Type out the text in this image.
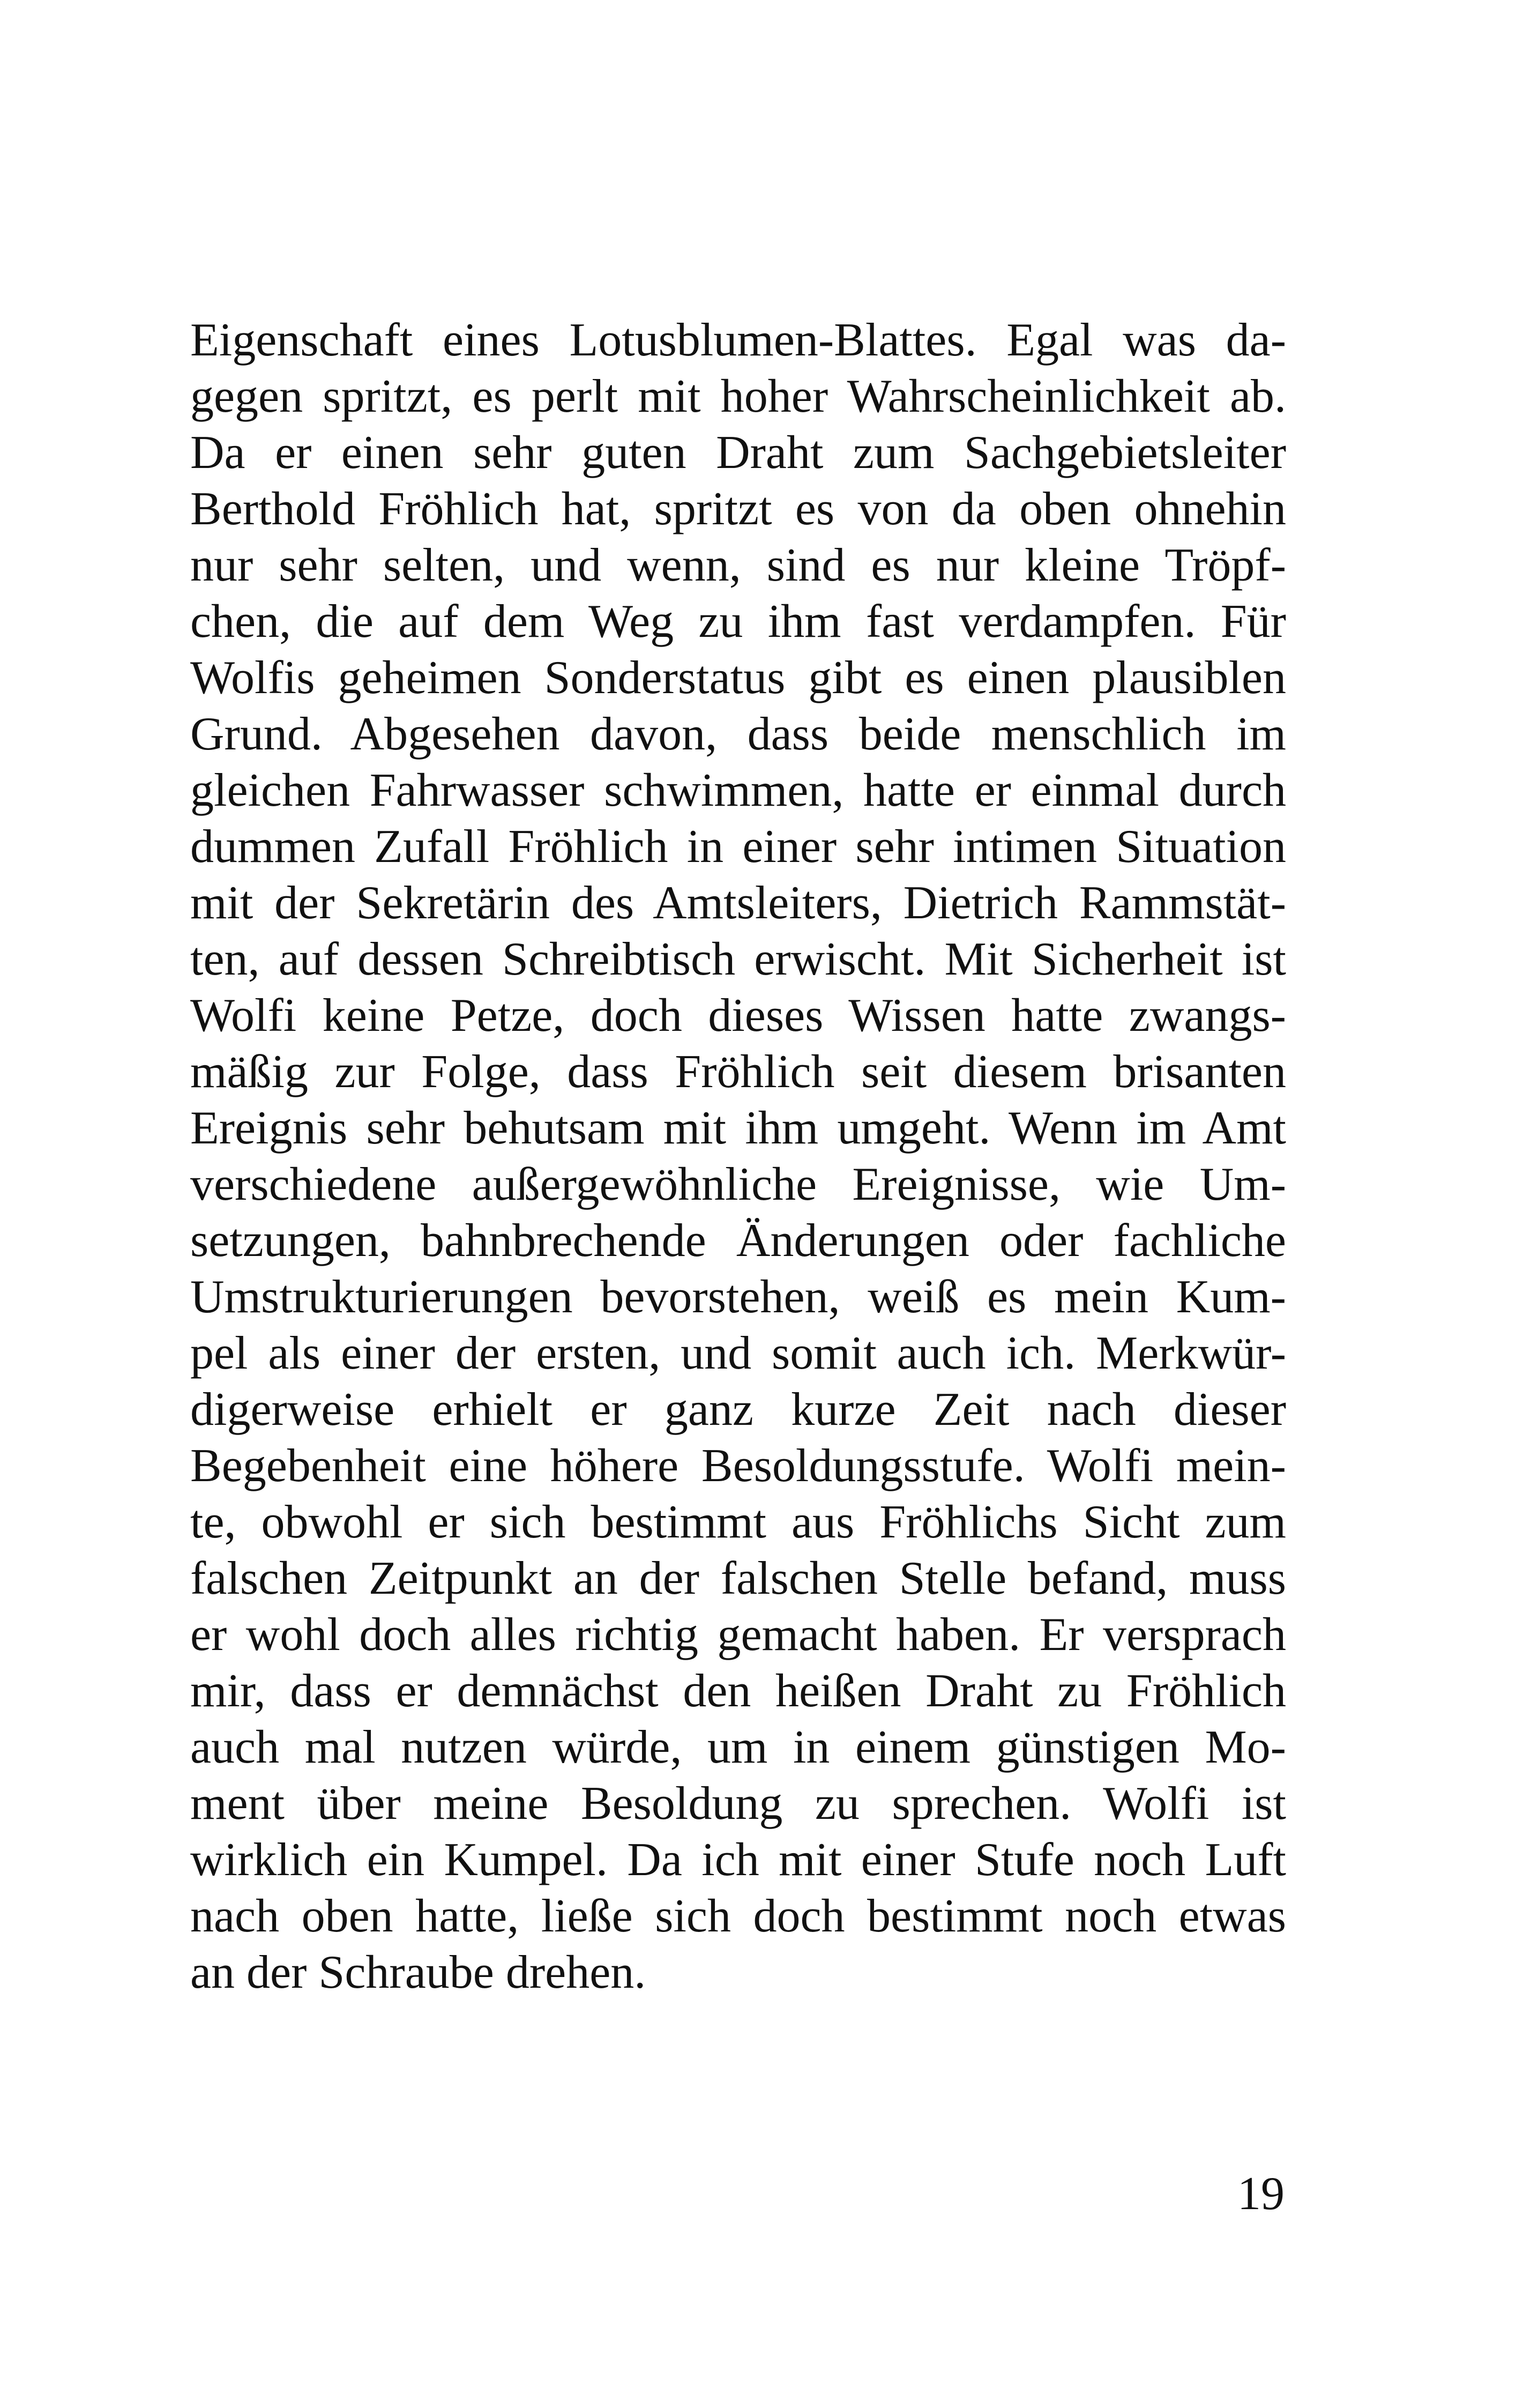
Eigenschaft eines Lotusblumen-Blattes. Egal was da-
gegen spritzt, es perlt mit hoher Wahrscheinlichkeit ab.
Da er einen sehr guten Draht zum Sachgebietsleiter
Berthold Fröhlich hat, spritzt es von da oben ohnehin
nur sehr selten, und wenn, sind es nur kleine Tröpf-
chen, die auf dem Weg zu ihm fast verdampfen. Für
Wolfis geheimen Sonderstatus gibt es einen plausiblen
Grund. Abgesehen davon, dass beide menschlich im
gleichen Fahrwasser schwimmen, hatte er einmal durch
dummen Zufall Fröhlich in einer sehr intimen Situation
mit der Sekretärin des Amtsleiters, Dietrich Rammstät-
ten, auf dessen Schreibtisch erwischt. Mit Sicherheit ist
Wolfi keine Petze, doch dieses Wissen hatte zwangs-
mäßig zur Folge, dass Fröhlich seit diesem brisanten
Ereignis sehr behutsam mit ihm umgeht. Wenn im Amt
verschiedene außergewöhnliche Ereignisse, wie Um-
setzungen, bahnbrechende Änderungen oder fachliche
Umstrukturierungen bevorstehen, weiß es mein Kum-
pel als einer der ersten, und somit auch ich. Merkwür-
digerweise erhielt er ganz kurze Zeit nach dieser
Begebenheit eine höhere Besoldungsstufe. Wolfi mein-
te, obwohl er sich bestimmt aus Fröhlichs Sicht zum
falschen Zeitpunkt an der falschen Stelle befand, muss
er wohl doch alles richtig gemacht haben. Er versprach
mir, dass er demnächst den heißen Draht zu Fröhlich
auch mal nutzen würde, um in einem günstigen Mo-
ment über meine Besoldung zu sprechen. Wolfi ist
wirklich ein Kumpel. Da ich mit einer Stufe noch Luft
nach oben hatte, ließe sich doch bestimmt noch etwas
an der Schraube drehen.
19
